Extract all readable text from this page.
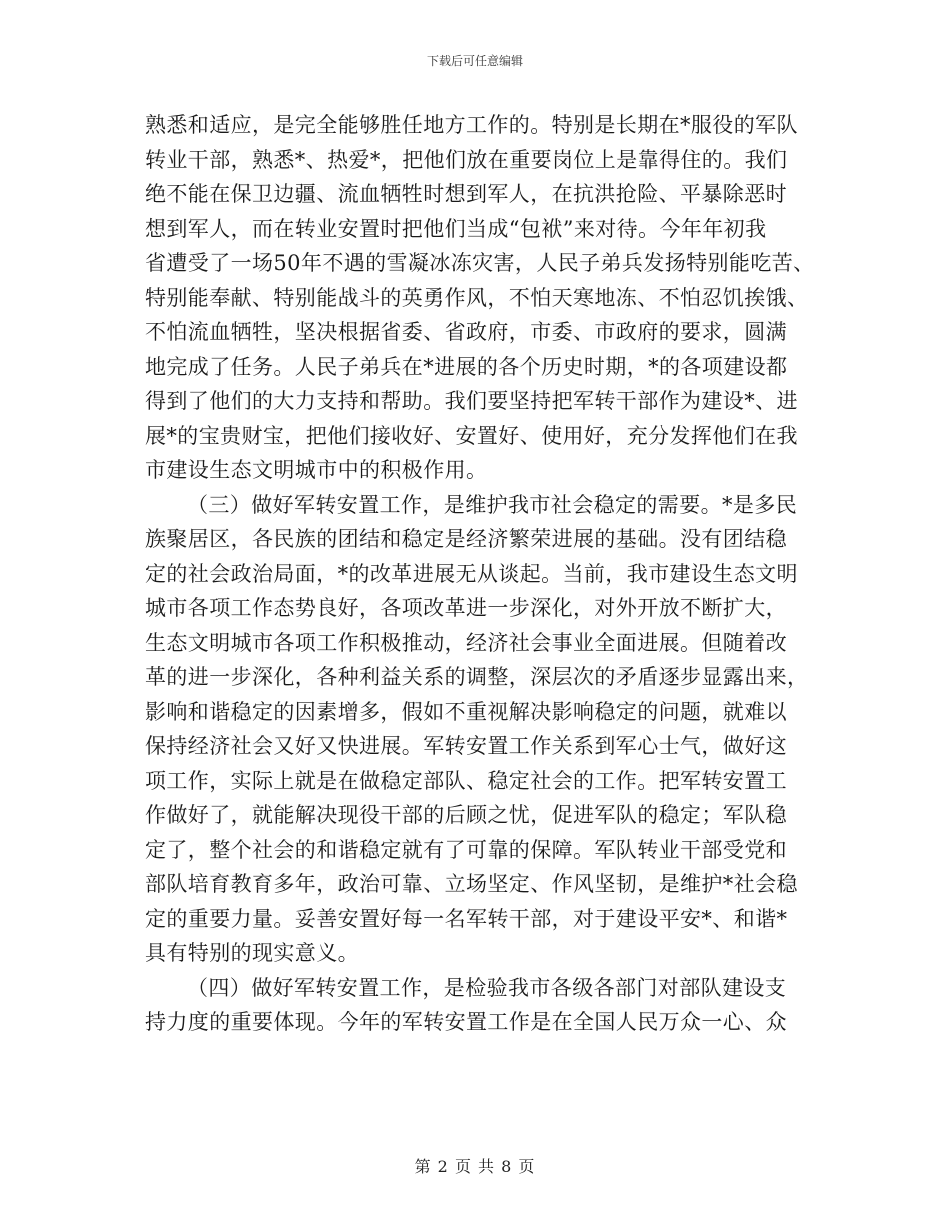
下载后可任意编辑
熟悉和适应，是完全能够胜任地方工作的。特别是长期在*服役的军队
转业干部，熟悉*、热爱*，把他们放在重要岗位上是靠得住的。我们
绝不能在保卫边疆、流血牺牲时想到军人，在抗洪抢险、平暴除恶时
想到军人，而在转业安置时把他们当成“包袱”来对待。今年年初我
省遭受了一场50年不遇的雪凝冰冻灾害，人民子弟兵发扬特别能吃苦、
特别能奉献、特别能战斗的英勇作风，不怕天寒地冻、不怕忍饥挨饿、
不怕流血牺牲，坚决根据省委、省政府，市委、市政府的要求，圆满
地完成了任务。人民子弟兵在*进展的各个历史时期，*的各项建设都
得到了他们的大力支持和帮助。我们要坚持把军转干部作为建设*、进
展*的宝贵财宝，把他们接收好、安置好、使用好，充分发挥他们在我
市建设生态文明城市中的积极作用。
（三）做好军转安置工作，是维护我市社会稳定的需要。*是多民
族聚居区，各民族的团结和稳定是经济繁荣进展的基础。没有团结稳
定的社会政治局面，*的改革进展无从谈起。当前，我市建设生态文明
城市各项工作态势良好，各项改革进一步深化，对外开放不断扩大，
生态文明城市各项工作积极推动，经济社会事业全面进展。但随着改
革的进一步深化，各种利益关系的调整，深层次的矛盾逐步显露出来，
影响和谐稳定的因素增多，假如不重视解决影响稳定的问题，就难以
保持经济社会又好又快进展。军转安置工作关系到军心士气，做好这
项工作，实际上就是在做稳定部队、稳定社会的工作。把军转安置工
作做好了，就能解决现役干部的后顾之忧，促进军队的稳定；军队稳
定了，整个社会的和谐稳定就有了可靠的保障。军队转业干部受党和
部队培育教育多年，政治可靠、立场坚定、作风坚韧，是维护*社会稳
定的重要力量。妥善安置好每一名军转干部，对于建设平安*、和谐*
具有特别的现实意义。
（四）做好军转安置工作，是检验我市各级各部门对部队建设支
持力度的重要体现。今年的军转安置工作是在全国人民万众一心、众
第 2 页 共 8 页
